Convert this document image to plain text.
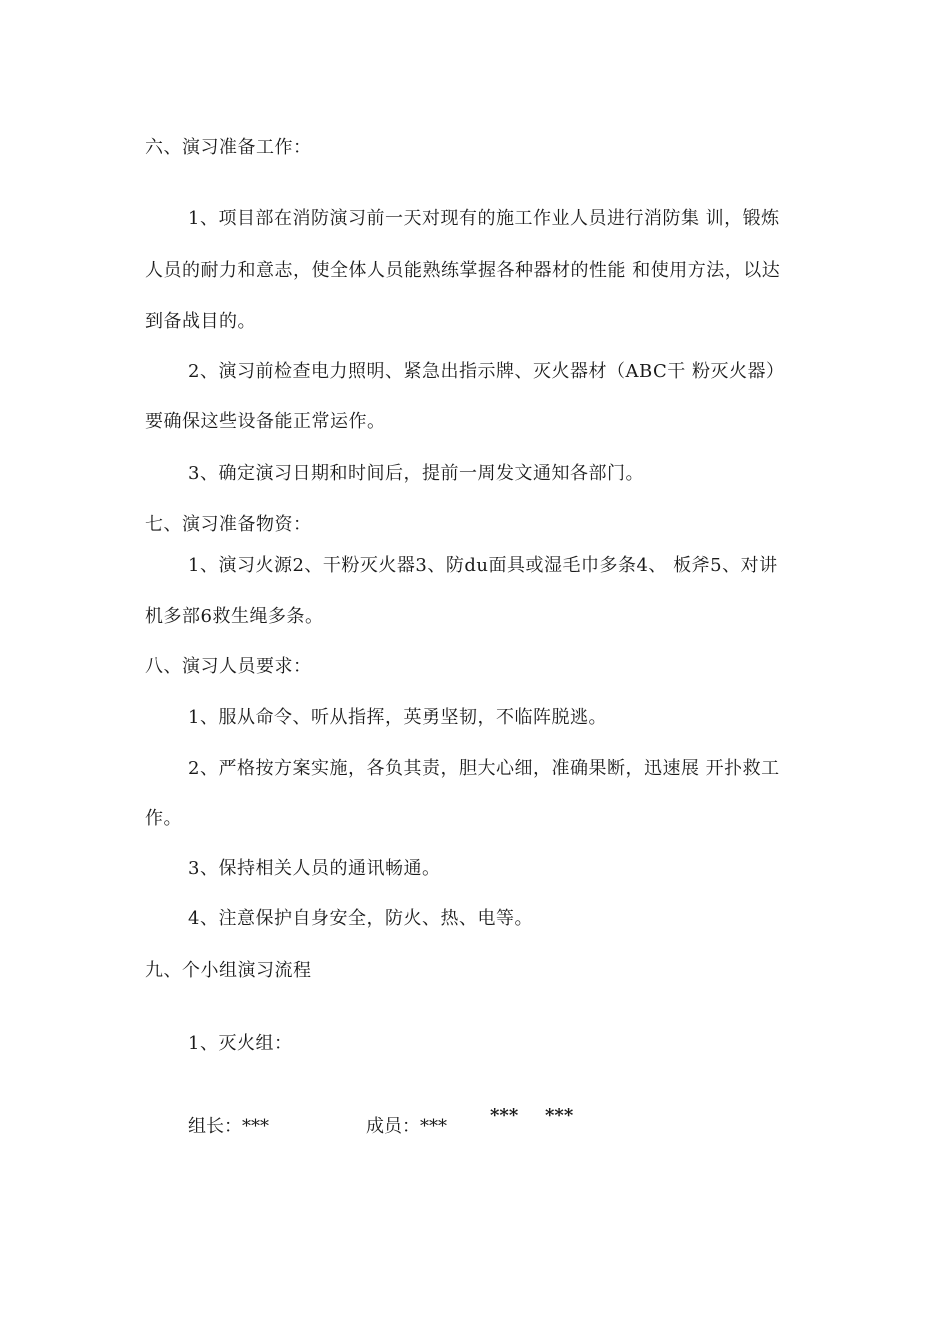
六、演习准备工作：
1、项目部在消防演习前一天对现有的施工作业人员进行消防集 训，锻炼
人员的耐力和意志，使全体人员能熟练掌握各种器材的性能 和使用方法，以达
到备战目的。
2、演习前检查电力照明、紧急出指示牌、灭火器材（ABC干 粉灭火器）
要确保这些设备能正常运作。
3、确定演习日期和时间后，提前一周发文通知各部门。
七、演习准备物资：
1、演习火源2、干粉灭火器3、防du面具或湿毛巾多条4、 板斧5、对讲
机多部6救生绳多条。
八、演习人员要求：
1、服从命令、听从指挥，英勇坚韧，不临阵脱逃。
2、严格按方案实施，各负其责，胆大心细，准确果断，迅速展 开扑救工
作。
3、保持相关人员的通讯畅通。
4、注意保护自身安全，防火、热、电等。
九、个小组演习流程
1、灭火组：
组长：***	成员：***
*** ***
